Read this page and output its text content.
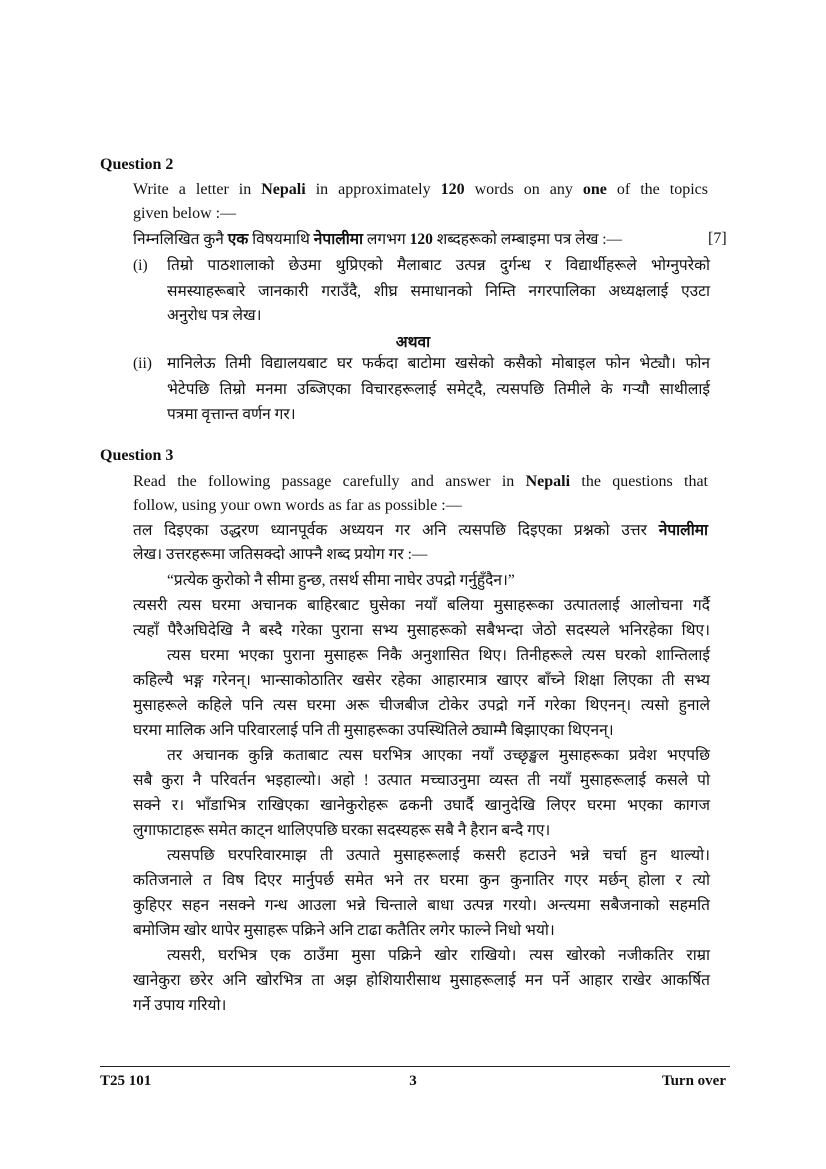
Question 2
Write a letter in Nepali in approximately 120 words on any one of the topics
given below :—
निम्नलिखित कुनै एक विषयमाथि नेपालीमा लगभग 120 शब्दहरूको लम्बाइमा पत्र लेख :—	[7]
(i) तिम्रो पाठशालाको छेउमा थुप्रिएको मैलाबाट उत्पन्न दुर्गन्ध र विद्यार्थीहरूले भोग्नुपरेको
समस्याहरूबारे जानकारी गराउँदै, शीघ्र समाधानको निम्ति नगरपालिका अध्यक्षलाई एउटा
अनुरोध पत्र लेख।
अथवा
(ii) मानिलेऊ तिमी विद्यालयबाट घर फर्कदा बाटोमा खसेको कसैको मोबाइल फोन भेट्यौ। फोन
भेटेपछि तिम्रो मनमा उब्जिएका विचारहरूलाई समेट्दै, त्यसपछि तिमीले के गर्‍यौ साथीलाई
पत्रमा वृत्तान्त वर्णन गर।
Question 3
Read the following passage carefully and answer in Nepali the questions that
follow, using your own words as far as possible :—
तल दिइएका उद्धरण ध्यानपूर्वक अध्ययन गर अनि त्यसपछि दिइएका प्रश्नको उत्तर नेपालीमा
लेख। उत्तरहरूमा जतिसक्दो आफ्नै शब्द प्रयोग गर :—
“प्रत्येक कुरोको नै सीमा हुन्छ, तसर्थ सीमा नाघेर उपद्रो गर्नुहुँदैन।”
त्यसरी त्यस घरमा अचानक बाहिरबाट घुसेका नयाँ बलिया मुसाहरूका उत्पातलाई आलोचना गर्दै
त्यहाँ पैरैअघिदेखि नै बस्दै गरेका पुराना सभ्य मुसाहरूको सबैभन्दा जेठो सदस्यले भनिरहेका थिए।
त्यस घरमा भएका पुराना मुसाहरू निकै अनुशासित थिए। तिनीहरूले त्यस घरको शान्तिलाई
कहिल्यै भङ्ग गरेनन्। भान्साकोठातिर खसेर रहेका आहारमात्र खाएर बाँच्ने शिक्षा लिएका ती सभ्य
मुसाहरूले कहिले पनि त्यस घरमा अरू चीजबीज टोकेर उपद्रो गर्ने गरेका थिएनन्। त्यसो हुनाले
घरमा मालिक अनि परिवारलाई पनि ती मुसाहरूका उपस्थितिले ठ्याम्मै बिझाएका थिएनन्।
तर अचानक कुन्नि कताबाट त्यस घरभित्र आएका नयाँ उच्छृङ्खल मुसाहरूका प्रवेश भएपछि
सबै कुरा नै परिवर्तन भइहाल्यो। अहो ! उत्पात मच्चाउनुमा व्यस्त ती नयाँ मुसाहरूलाई कसले पो
सक्ने र। भाँडाभित्र राखिएका खानेकुरोहरू ढकनी उघार्दै खानुदेखि लिएर घरमा भएका कागज
लुगाफाटाहरू समेत काट्न थालिएपछि घरका सदस्यहरू सबै नै हैरान बन्दै गए।
त्यसपछि घरपरिवारमाझ ती उत्पाते मुसाहरूलाई कसरी हटाउने भन्ने चर्चा हुन थाल्यो।
कतिजनाले त विष दिएर मार्नुपर्छ समेत भने तर घरमा कुन कुनातिर गएर मर्छन् होला र त्यो
कुहिएर सहन नसक्ने गन्ध आउला भन्ने चिन्ताले बाधा उत्पन्न गरयो। अन्त्यमा सबैजनाको सहमति
बमोजिम खोर थापेर मुसाहरू पक्रिने अनि टाढा कतैतिर लगेर फाल्ने निधो भयो।
त्यसरी, घरभित्र एक ठाउँमा मुसा पक्रिने खोर राखियो। त्यस खोरको नजीकतिर राम्रा
खानेकुरा छरेर अनि खोरभित्र ता अझ होशियारीसाथ मुसाहरूलाई मन पर्ने आहार राखेर आकर्षित
गर्ने उपाय गरियो।
T25 101	3	Turn over
